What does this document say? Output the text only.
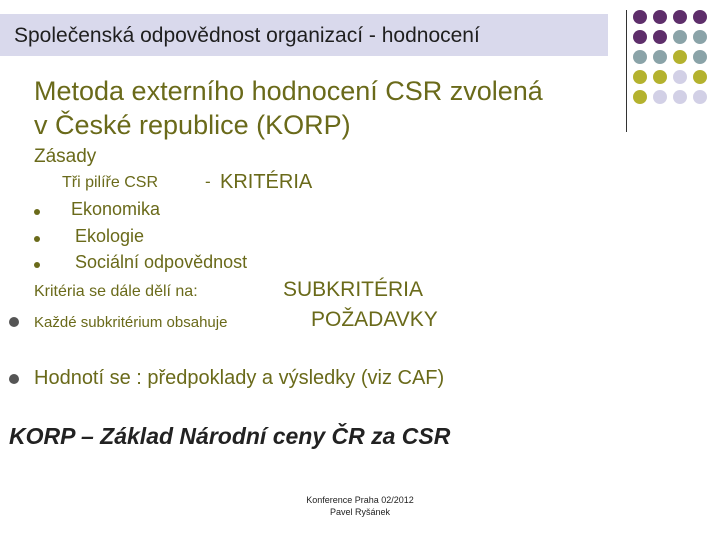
Společenská odpovědnost organizací - hodnocení
Metoda externího hodnocení CSR zvolená
v České republice (KORP)
Zásady
Tři pilíře CSR	- KRITÉRIA
Ekonomika
Ekologie
Sociální odpovědnost
Kritéria se dále dělí na:	SUBKRITÉRIA
Každé subkritérium obsahuje	POŽADAVKY
Hodnotí se : předpoklady a výsledky (viz CAF)
KORP – Základ Národní ceny ČR za CSR
Konference Praha 02/2012
Pavel Ryšánek
